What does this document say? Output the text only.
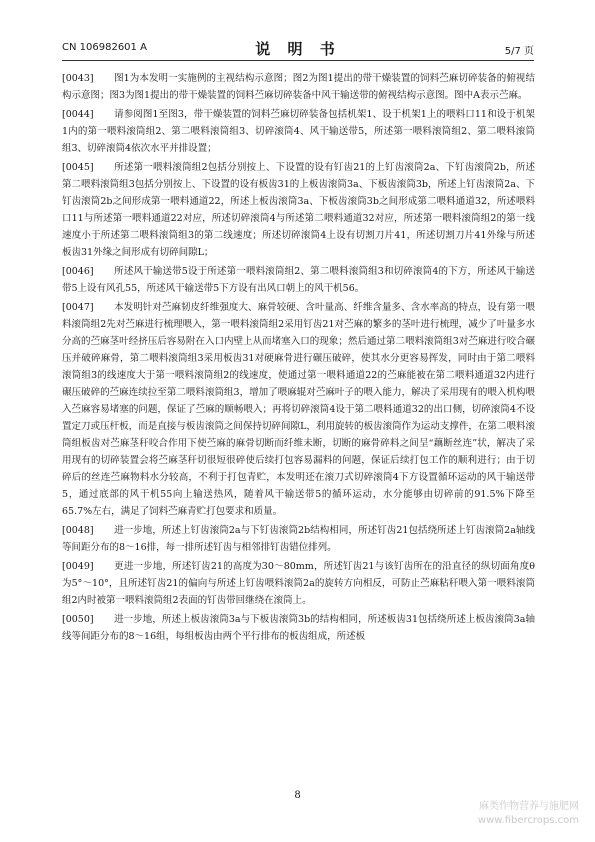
CN 106982601 A	说 明 书	5/7 页

[0043] 图1为本发明一实施例的主视结构示意图；图2为图1提出的带干燥装置的饲料苎麻切碎装备的俯视结构示意图；图3为图1提出的带干燥装置的饲料苎麻切碎装备中风干输送带的俯视结构示意图。图中A表示苎麻。

[0044] 请参阅图1至图3，带干燥装置的饲料苎麻切碎装备包括机架1、设于机架1上的喂料口11和设于机架1内的第一喂料滚筒组2、第二喂料滚筒组3、切碎滚筒4、风干输送带5，所述第一喂料滚筒组2、第二喂料滚筒组3、切碎滚筒4依次水平并排设置；

[0045] 所述第一喂料滚筒组2包括分别按上、下设置的设有钉齿21的上钉齿滚筒2a、下钉齿滚筒2b，所述第二喂料滚筒组3包括分别按上、下设置的设有板齿31的上板齿滚筒3a、下板齿滚筒3b，所述上钉齿滚筒2a、下钉齿滚筒2b之间形成第一喂料通道22，所述上板齿滚筒3a、下板齿滚筒3b之间形成第二喂料通道32，所述喂料口11与所述第一喂料通道22对应，所述切碎滚筒4与所述第二喂料通道32对应，所述第一喂料滚筒组2的第一线速度小于所述第二喂料滚筒组3的第二线速度；所述切碎滚筒4上设有切割刀片41，所述切割刀片41外缘与所述板齿31外缘之间形成有切碎间隙L；

[0046] 所述风干输送带5设于所述第一喂料滚筒组2、第二喂料滚筒组3和切碎滚筒4的下方，所述风干输送带5上设有风孔55，所述风干输送带5下方设有出风口朝上的风干机56。

[0047] 本发明针对苎麻韧皮纤维强度大、麻骨较硬、含叶量高、纤维含量多、含水率高的特点，设有第一喂料滚筒组2先对苎麻进行梳理喂入，第一喂料滚筒组2采用钉齿21对苎麻的繁多的茎叶进行梳理，减少了叶量多水分高的苎麻茎叶经挤压后容易附在入口内壁上从而堵塞入口的现象；然后通过第二喂料滚筒组3对苎麻进行咬合碾压并破碎麻骨，第二喂料滚筒组3采用板齿31对硬麻骨进行碾压破碎，使其水分更容易挥发，同时由于第二喂料滚筒组3的线速度大于第一喂料滚筒组2的线速度，使通过第一喂料通道22的苎麻能被在第二喂料通道32内进行碾压破碎的苎麻连续拉至第二喂料滚筒组3，增加了喂麻辊对苎麻叶子的喂入能力，解决了采用现有的喂入机构喂入苎麻容易堵塞的问题，保证了苎麻的顺畅喂入；再将切碎滚筒4设于第二喂料通道32的出口侧，切碎滚筒4不设置定刀或压杆板，而是直接与板齿滚筒之间保持切碎间隙L，利用旋转的板齿滚筒作为运动支撑件，在第二喂料滚筒组板齿对苎麻茎秆咬合作用下使苎麻的麻骨切断而纤维未断，切断的麻骨碎料之间呈“藕断丝连”状，解决了采用现有的切碎装置会将苎麻茎秆切很短很碎使后续打包容易漏料的问题，保证后续打包工作的顺利进行；由于切碎后的丝连苎麻物料水分较高，不利于打包青贮，本发明还在滚刀式切碎滚筒4下方设置循环运动的风干输送带5，通过底部的风干机55向上输送热风，随着风干输送带5的循环运动，水分能够由切碎前的91.5%下降至65.7%左右，满足了饲料苎麻青贮打包要求和质量。

[0048] 进一步地，所述上钉齿滚筒2a与下钉齿滚筒2b结构相同，所述钉齿21包括绕所述上钉齿滚筒2a轴线等间距分布的8～16排，每一排所述钉齿与相邻排钉齿错位排列。

[0049] 更进一步地，所述钉齿21的高度为30～80mm，所述钉齿21与该钉齿所在的沿直径的纵切面角度θ为5°～10°，且所述钉齿21的偏向与所述上钉齿喂料滚筒2a的旋转方向相反，可防止苎麻粘秆喂入第一喂料滚筒组2内时被第一喂料滚筒组2表面的钉齿带回继绕在滚筒上。

[0050] 进一步地，所述上板齿滚筒3a与下板齿滚筒3b的结构相同，所述板齿31包括绕所述上板齿滚筒3a轴线等间距分布的8～16组，每组板齿由两个平行排布的板齿组成，所述板

8
麻类作物营养与施肥网
www.fibercrops.com
